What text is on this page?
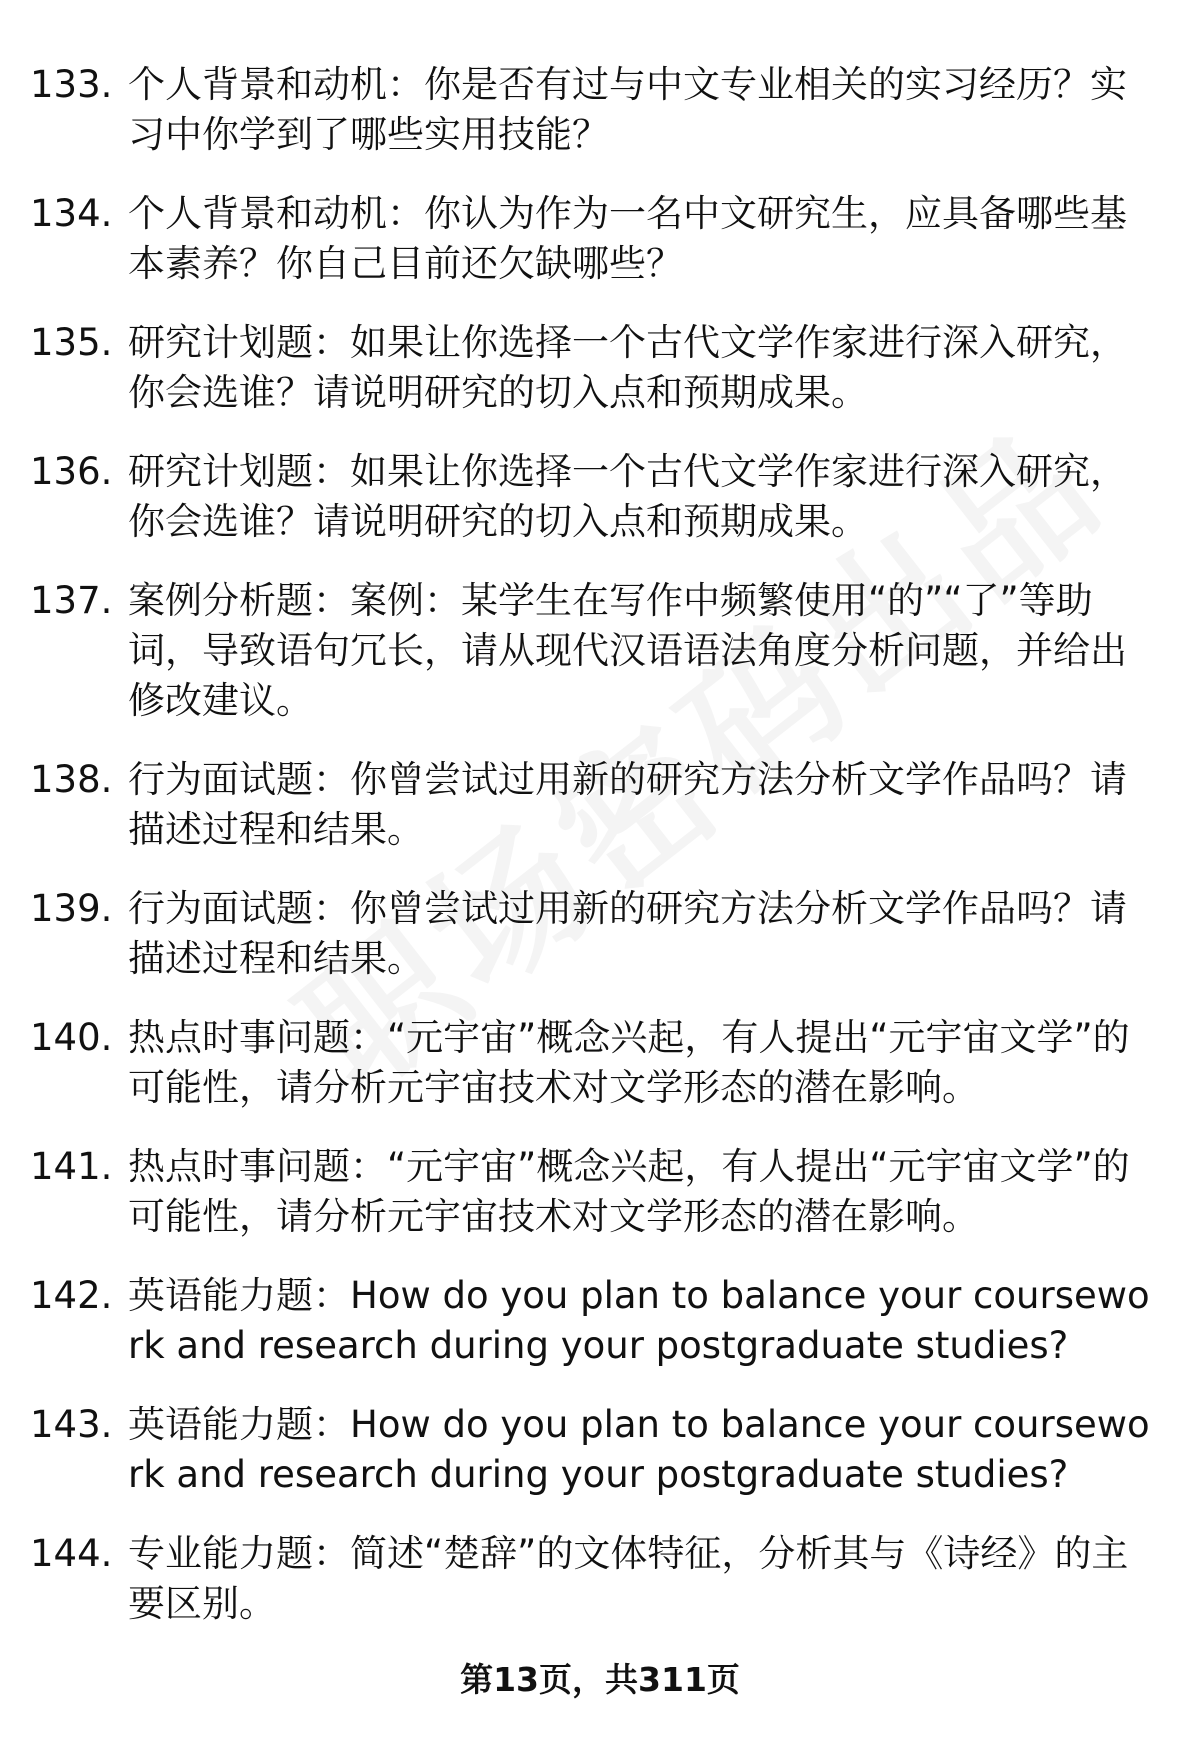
133. 个人背景和动机：你是否有过与中文专业相关的实习经历？实习中你学到了哪些实用技能？
134. 个人背景和动机：你认为作为一名中文研究生，应具备哪些基本素养？你自己目前还欠缺哪些？
135. 研究计划题：如果让你选择一个古代文学作家进行深入研究，你会选谁？请说明研究的切入点和预期成果。
136. 研究计划题：如果让你选择一个古代文学作家进行深入研究，你会选谁？请说明研究的切入点和预期成果。
137. 案例分析题：案例：某学生在写作中频繁使用“的”“了”等助词，导致语句冗长，请从现代汉语语法角度分析问题，并给出修改建议。
138. 行为面试题：你曾尝试过用新的研究方法分析文学作品吗？请描述过程和结果。
139. 行为面试题：你曾尝试过用新的研究方法分析文学作品吗？请描述过程和结果。
140. 热点时事问题：“元宇宙”概念兴起，有人提出“元宇宙文学”的可能性，请分析元宇宙技术对文学形态的潜在影响。
141. 热点时事问题：“元宇宙”概念兴起，有人提出“元宇宙文学”的可能性，请分析元宇宙技术对文学形态的潜在影响。
142. 英语能力题：How do you plan to balance your coursework and research during your postgraduate studies?
143. 英语能力题：How do you plan to balance your coursework and research during your postgraduate studies?
144. 专业能力题：简述“楚辞”的文体特征，分析其与《诗经》的主要区别。
第13页，共311页
